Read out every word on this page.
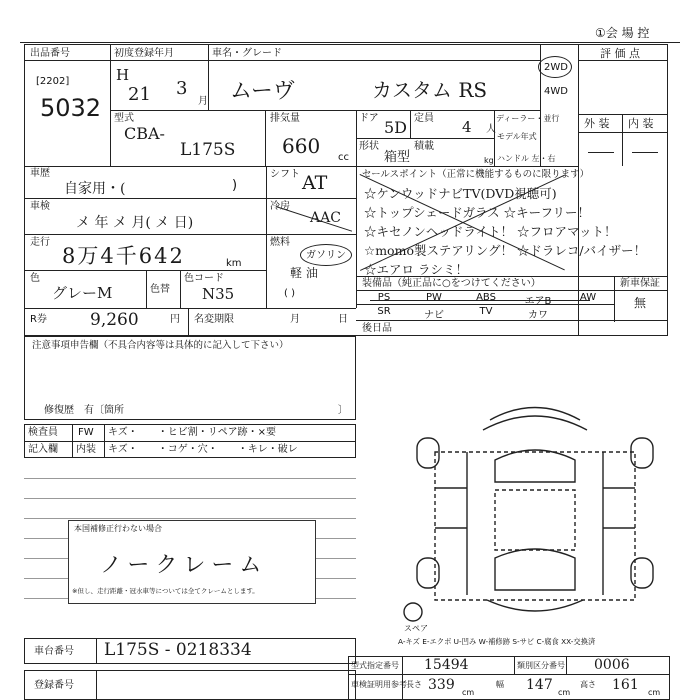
①会 場 控
出品番号
[2202]
5032
初度登録年月
H
21 3
月
車名・グレード
ムーヴ	カスタム RS
2WD
4WD
評 価 点
型式
CBA-
L175S
排気量
660 cc
ドア 5D 定員 4 人
ディーラー・並行
形状
箱型
積載
kg
モデル年式
ハンドル 左・右
外 装 内 装
車歴
自家用・(	)
車検
メ 年 メ 月( メ 日)
走行
8万4千642	km
色
グレーM	色替
色コード
N35
シフト AT
冷房
AAC
燃料
ガソリン
軽 油
( )
セールスポイント（正常に機能するものに限ります）
☆ケンウッドナビTV(DVD視聴可)
☆トップシェードガラス ☆キーフリー！
☆キセノンヘッドライト！ ☆フロアマット！
☆momo製ステアリング！ ☆ドラレコ/バイザー！
☆エアロ ラシミ！
装備品（純正品に○をつけてください）	新車保証
無
PS	PW	ABS	エアB	AW
SR	ナビ	TV	カワ
後日品
R券	9,260	円 名変期限	月	日
注意事項申告欄（不具合内容等は具体的に記入して下さい）
修復歴　有〔箇所	〕
検査員
記入欄
FW キズ・　　・ヒビ割・リペア跡・×要
内装 キズ・　　・コゲ・穴・　　・キレ・破レ
本国補修正行わない場合
ノークレーム
※但し、走行距離・冠水車等については全てクレームとします。
スペア
A-キズ E-エクボ U-凹み W-補修跡 S-サビ C-腐食 XX-交換済
車台番号 L175S - 0218334
登録番号
型式指定番号 15494	類別区分番号 0006
車検証明用参考 長さ 339 cm
幅 147 cm
高さ 161 cm
